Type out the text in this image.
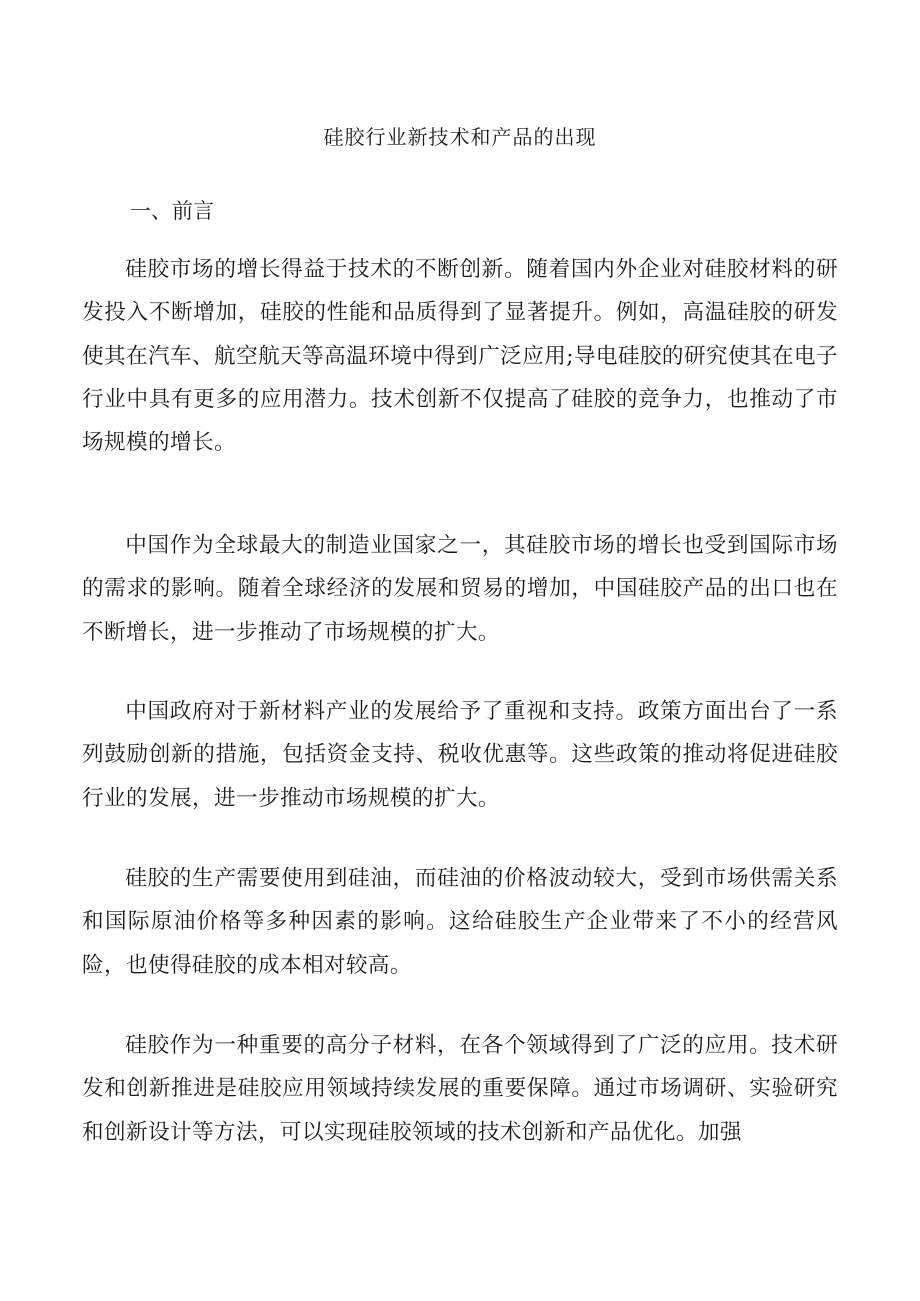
硅胶行业新技术和产品的出现
一、前言

硅胶市场的增长得益于技术的不断创新。随着国内外企业对硅胶材料的研发投入不断增加，硅胶的性能和品质得到了显著提升。例如，高温硅胶的研发使其在汽车、航空航天等高温环境中得到广泛应用;导电硅胶的研究使其在电子行业中具有更多的应用潜力。技术创新不仅提高了硅胶的竞争力，也推动了市场规模的增长。

中国作为全球最大的制造业国家之一，其硅胶市场的增长也受到国际市场的需求的影响。随着全球经济的发展和贸易的增加，中国硅胶产品的出口也在不断增长，进一步推动了市场规模的扩大。

中国政府对于新材料产业的发展给予了重视和支持。政策方面出台了一系列鼓励创新的措施，包括资金支持、税收优惠等。这些政策的推动将促进硅胶行业的发展，进一步推动市场规模的扩大。

硅胶的生产需要使用到硅油，而硅油的价格波动较大，受到市场供需关系和国际原油价格等多种因素的影响。这给硅胶生产企业带来了不小的经营风险，也使得硅胶的成本相对较高。

硅胶作为一种重要的高分子材料，在各个领域得到了广泛的应用。技术研发和创新推进是硅胶应用领域持续发展的重要保障。通过市场调研、实验研究和创新设计等方法，可以实现硅胶领域的技术创新和产品优化。加强
